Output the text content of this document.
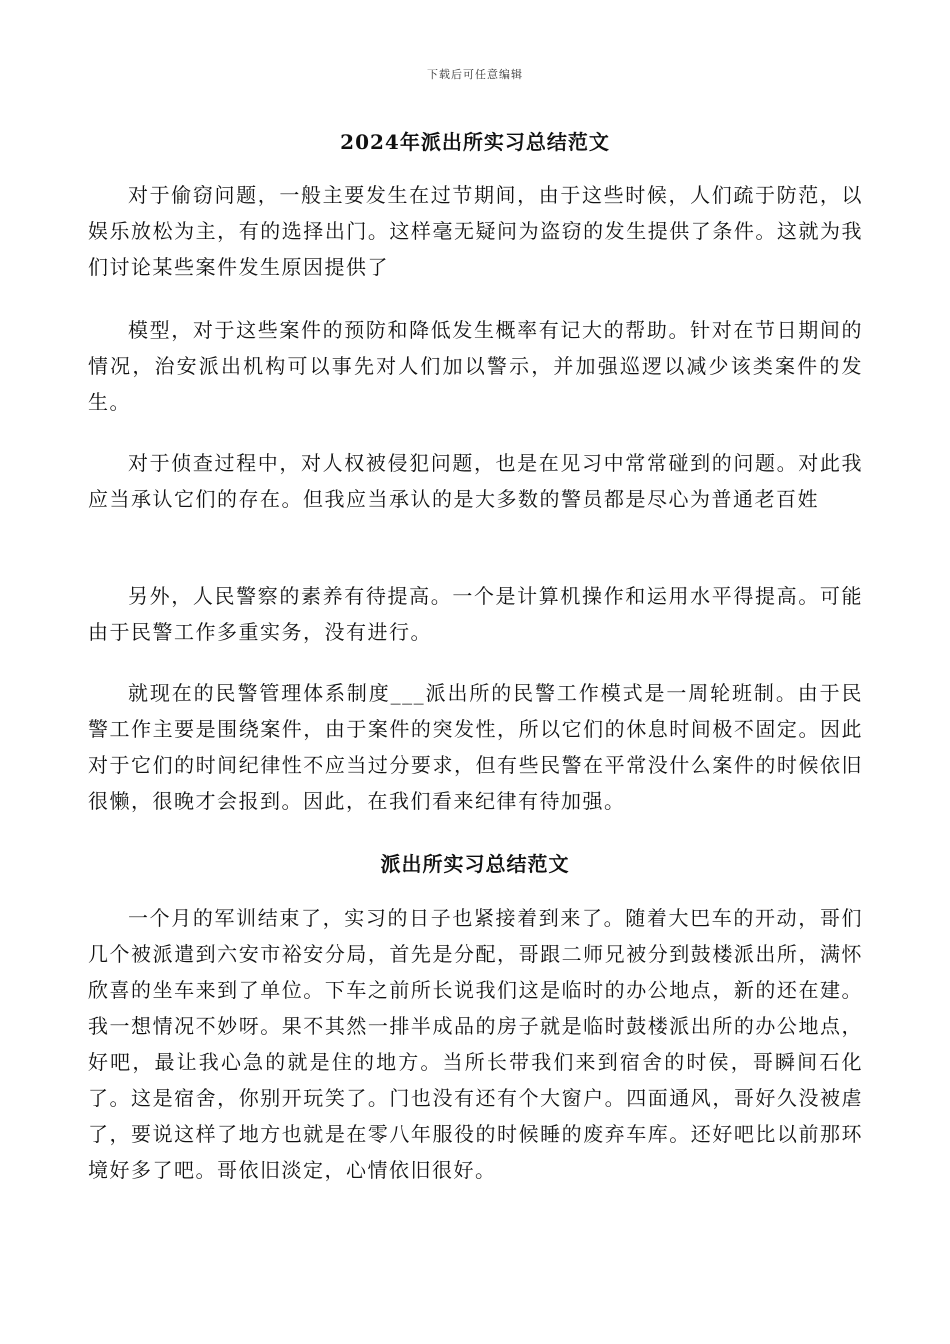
下载后可任意编辑
2024年派出所实习总结范文

对于偷窃问题，一般主要发生在过节期间，由于这些时候，人们疏于防范，以娱乐放松为主，有的选择出门。这样毫无疑问为盗窃的发生提供了条件。这就为我们讨论某些案件发生原因提供了

模型，对于这些案件的预防和降低发生概率有记大的帮助。针对在节日期间的情况，治安派出机构可以事先对人们加以警示，并加强巡逻以减少该类案件的发生。

对于侦查过程中，对人权被侵犯问题，也是在见习中常常碰到的问题。对此我应当承认它们的存在。但我应当承认的是大多数的警员都是尽心为普通老百姓

另外，人民警察的素养有待提高。一个是计算机操作和运用水平得提高。可能由于民警工作多重实务，没有进行。

就现在的民警管理体系制度___派出所的民警工作模式是一周轮班制。由于民警工作主要是围绕案件，由于案件的突发性，所以它们的休息时间极不固定。因此对于它们的时间纪律性不应当过分要求，但有些民警在平常没什么案件的时候依旧很懒，很晚才会报到。因此，在我们看来纪律有待加强。

派出所实习总结范文

一个月的军训结束了，实习的日子也紧接着到来了。随着大巴车的开动，哥们几个被派遣到六安市裕安分局，首先是分配，哥跟二师兄被分到鼓楼派出所，满怀欣喜的坐车来到了单位。下车之前所长说我们这是临时的办公地点，新的还在建。我一想情况不妙呀。果不其然一排半成品的房子就是临时鼓楼派出所的办公地点，好吧，最让我心急的就是住的地方。当所长带我们来到宿舍的时侯，哥瞬间石化了。这是宿舍，你别开玩笑了。门也没有还有个大窗户。四面通风，哥好久没被虐了，要说这样了地方也就是在零八年服役的时候睡的废弃车库。还好吧比以前那环境好多了吧。哥依旧淡定，心情依旧很好。
